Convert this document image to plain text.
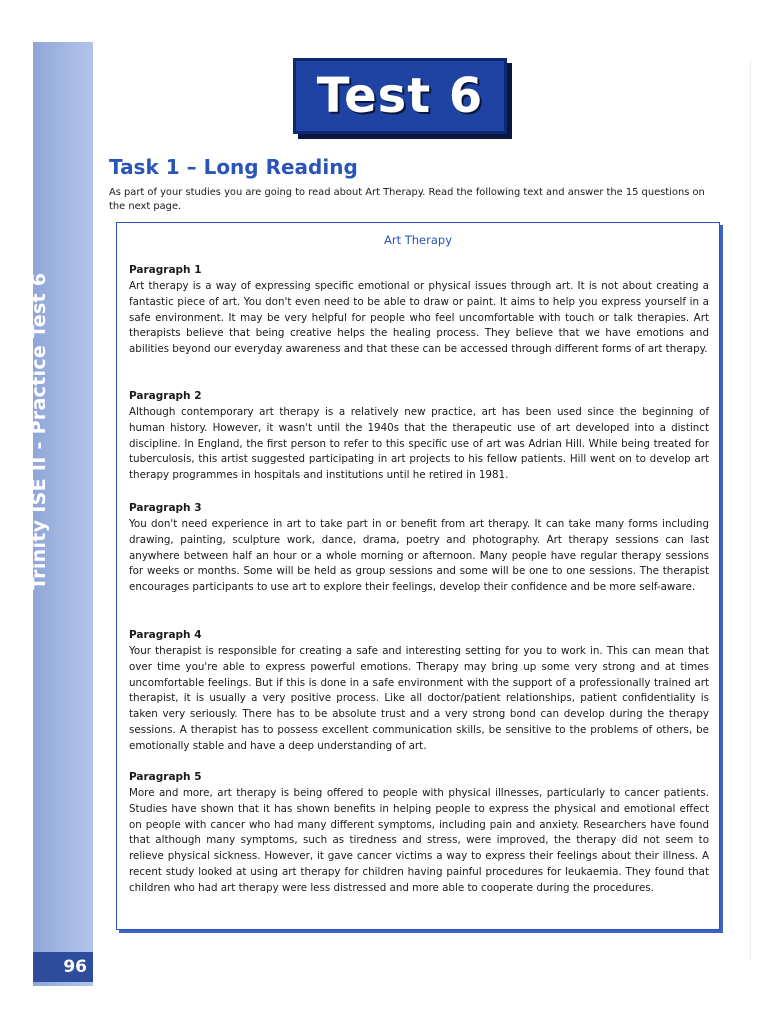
Trinity ISE II - Practice Test 6
96
Test 6
Task 1 – Long Reading

As part of your studies you are going to read about Art Therapy. Read the following text and answer the 15 questions on the next page.

Art Therapy
Paragraph 1

Art therapy is a way of expressing specific emotional or physical issues through art. It is not about creating a fantastic piece of art. You don't even need to be able to draw or paint. It aims to help you express yourself in a safe environment. It may be very helpful for people who feel uncomfortable with touch or talk therapies. Art therapists believe that being creative helps the healing process. They believe that we have emotions and abilities beyond our everyday awareness and that these can be accessed through different forms of art therapy.

Paragraph 2

Although contemporary art therapy is a relatively new practice, art has been used since the beginning of human history. However, it wasn't until the 1940s that the therapeutic use of art developed into a distinct discipline. In England, the first person to refer to this specific use of art was Adrian Hill. While being treated for tuberculosis, this artist suggested participating in art projects to his fellow patients. Hill went on to develop art therapy programmes in hospitals and institutions until he retired in 1981.

Paragraph 3

You don't need experience in art to take part in or benefit from art therapy. It can take many forms including drawing, painting, sculpture work, dance, drama, poetry and photography. Art therapy sessions can last anywhere between half an hour or a whole morning or afternoon. Many people have regular therapy sessions for weeks or months. Some will be held as group sessions and some will be one to one sessions. The therapist encourages participants to use art to explore their feelings, develop their confidence and be more self-aware.

Paragraph 4

Your therapist is responsible for creating a safe and interesting setting for you to work in. This can mean that over time you're able to express powerful emotions. Therapy may bring up some very strong and at times uncomfortable feelings. But if this is done in a safe environment with the support of a professionally trained art therapist, it is usually a very positive process. Like all doctor/patient relationships, patient confidentiality is taken very seriously. There has to be absolute trust and a very strong bond can develop during the therapy sessions. A therapist has to possess excellent communication skills, be sensitive to the problems of others, be emotionally stable and have a deep understanding of art.

Paragraph 5

More and more, art therapy is being offered to people with physical illnesses, particularly to cancer patients. Studies have shown that it has shown benefits in helping people to express the physical and emotional effect on people with cancer who had many different symptoms, including pain and anxiety. Researchers have found that although many symptoms, such as tiredness and stress, were improved, the therapy did not seem to relieve physical sickness. However, it gave cancer victims a way to express their feelings about their illness. A recent study looked at using art therapy for children having painful procedures for leukaemia. They found that children who had art therapy were less distressed and more able to cooperate during the procedures.
